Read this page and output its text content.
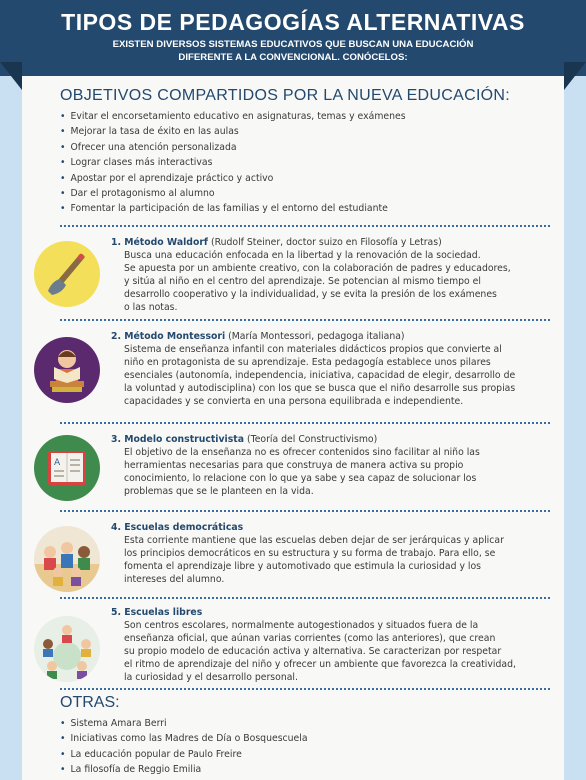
TIPOS DE PEDAGOGÍAS ALTERNATIVAS
EXISTEN DIVERSOS SISTEMAS EDUCATIVOS QUE BUSCAN UNA EDUCACIÓN
DIFERENTE A LA CONVENCIONAL. CONÓCELOS:
OBJETIVOS COMPARTIDOS POR LA NUEVA EDUCACIÓN:
• Evitar el encorsetamiento educativo en asignaturas, temas y exámenes
• Mejorar la tasa de éxito en las aulas
• Ofrecer una atención personalizada
• Lograr clases más interactivas
• Apostar por el aprendizaje práctico y activo
• Dar el protagonismo al alumno
• Fomentar la participación de las familias y el entorno del estudiante
1. Método Waldorf (Rudolf Steiner, doctor suizo en Filosofía y Letras)
Busca una educación enfocada en la libertad y la renovación de la sociedad.
Se apuesta por un ambiente creativo, con la colaboración de padres y educadores,
y sitúa al niño en el centro del aprendizaje. Se potencian al mismo tiempo el
desarrollo cooperativo y la individualidad, y se evita la presión de los exámenes
o las notas.
2. Método Montessori (María Montessori, pedagoga italiana)
Sistema de enseñanza infantil con materiales didácticos propios que convierte al
niño en protagonista de su aprendizaje. Esta pedagogía establece unos pilares
esenciales (autonomía, independencia, iniciativa, capacidad de elegir, desarrollo de
la voluntad y autodisciplina) con los que se busca que el niño desarrolle sus propias
capacidades y se convierta en una persona equilibrada e independiente.
A
3. Modelo constructivista (Teoría del Constructivismo)
El objetivo de la enseñanza no es ofrecer contenidos sino facilitar al niño las
herramientas necesarias para que construya de manera activa su propio
conocimiento, lo relacione con lo que ya sabe y sea capaz de solucionar los
problemas que se le planteen en la vida.
4. Escuelas democráticas
Esta corriente mantiene que las escuelas deben dejar de ser jerárquicas y aplicar
los principios democráticos en su estructura y su forma de trabajo. Para ello, se
fomenta el aprendizaje libre y automotivado que estimula la curiosidad y los
intereses del alumno.
5. Escuelas libres
Son centros escolares, normalmente autogestionados y situados fuera de la
enseñanza oficial, que aúnan varias corrientes (como las anteriores), que crean
su propio modelo de educación activa y alternativa. Se caracterizan por respetar
el ritmo de aprendizaje del niño y ofrecer un ambiente que favorezca la creatividad,
la curiosidad y el desarrollo personal.
OTRAS:
• Sistema Amara Berri
• Iniciativas como las Madres de Día o Bosquescuela
• La educación popular de Paulo Freire
• La filosofía de Reggio Emilia
